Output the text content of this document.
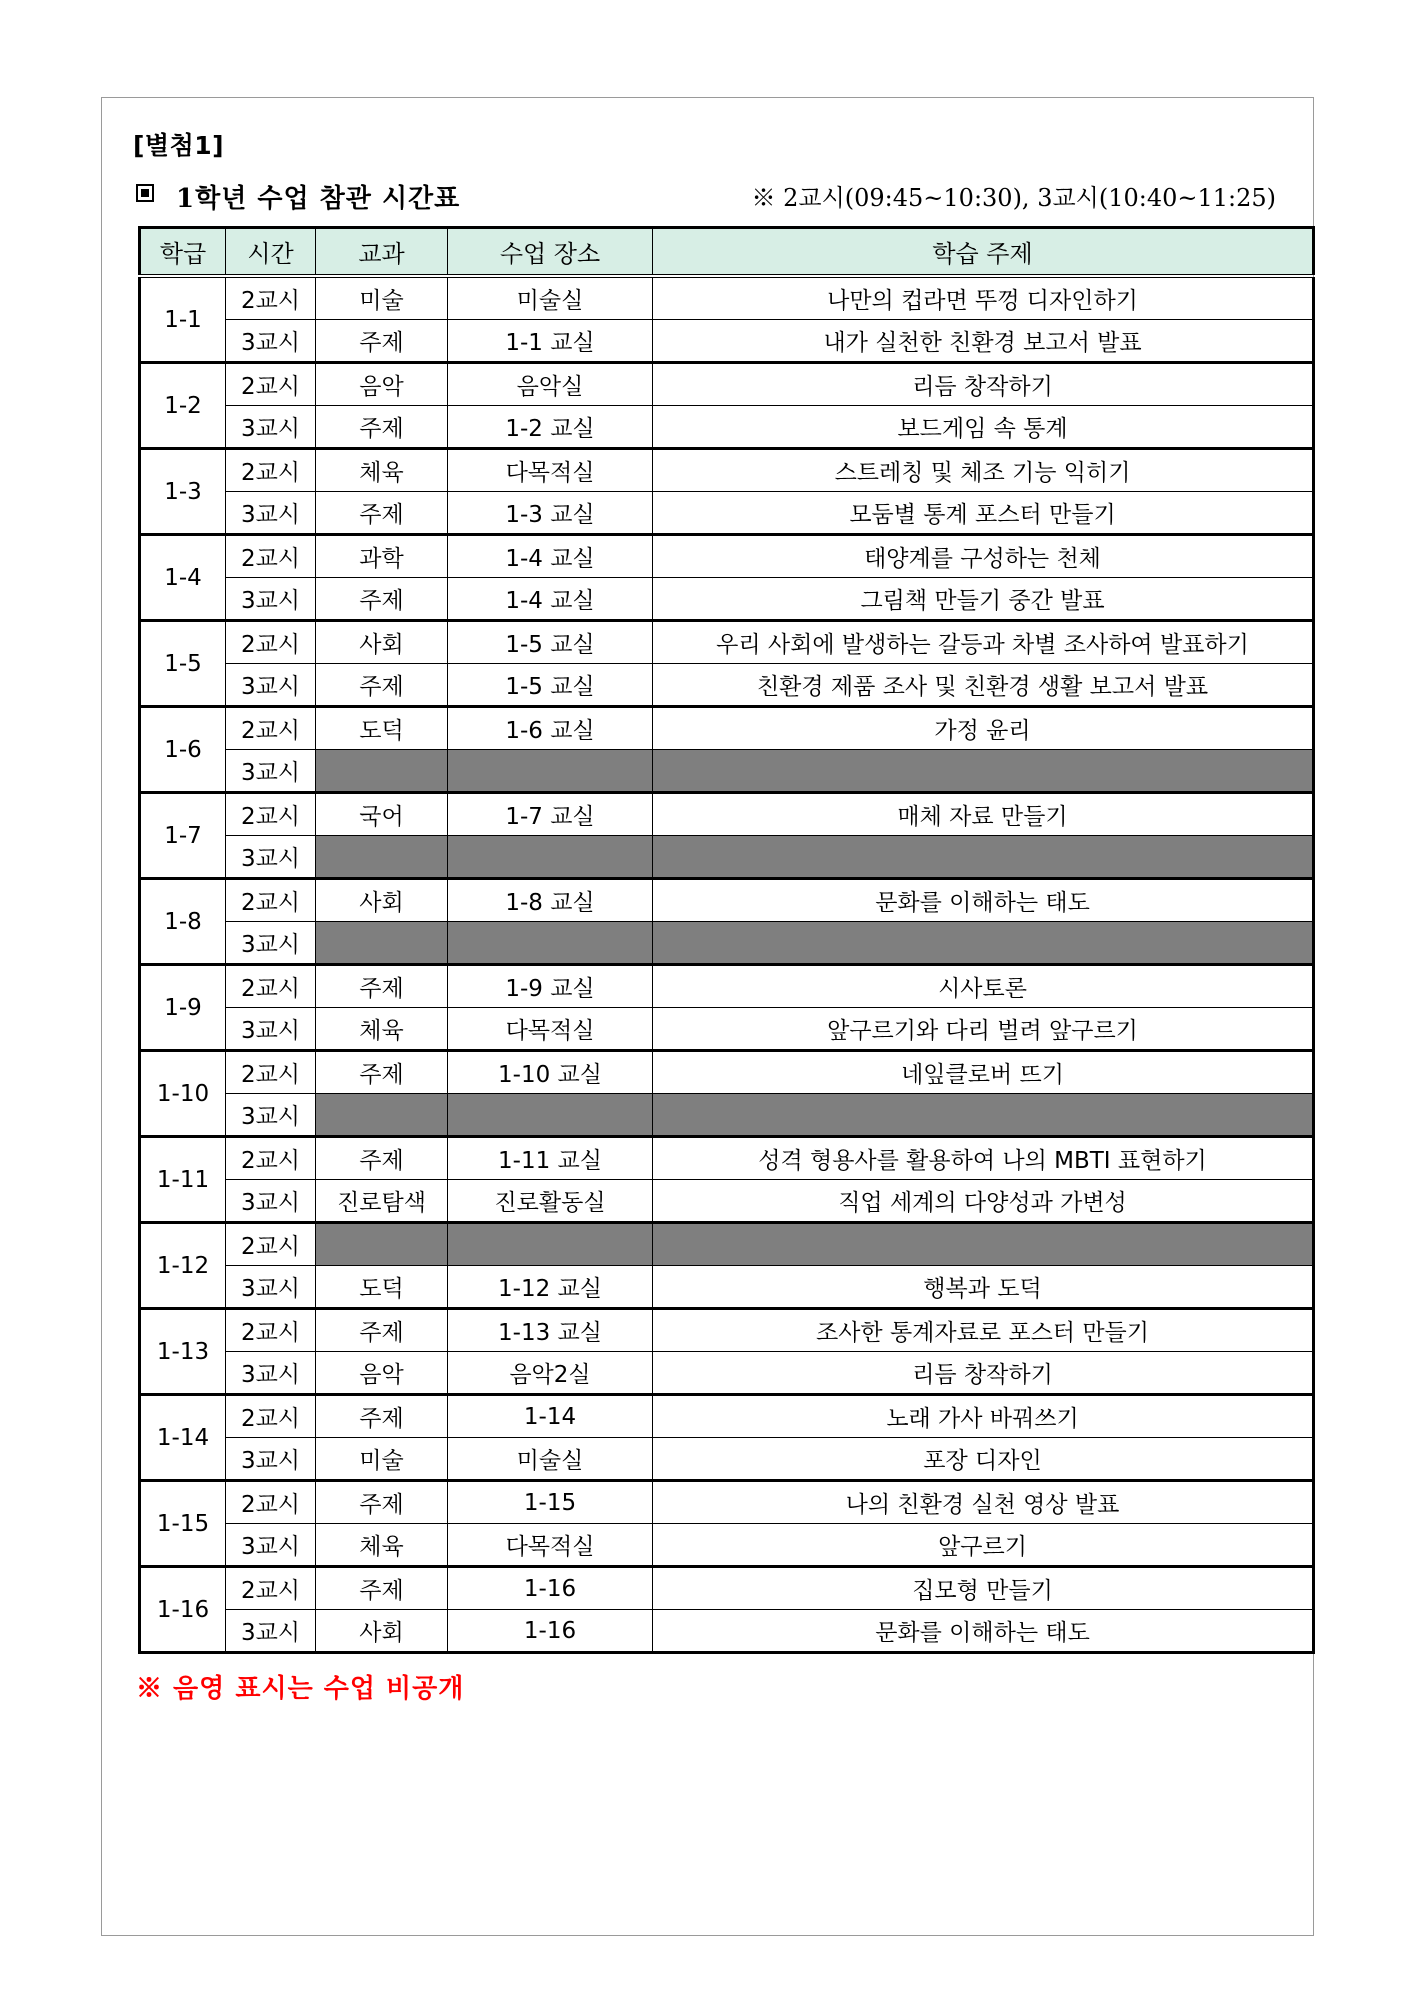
[별첨1]
1학년 수업 참관 시간표	※ 2교시(09:45~10:30), 3교시(10:40~11:25)
학급	시간	교과	수업 장소	학습 주제
1-1	2교시	미술	미술실	나만의 컵라면 뚜껑 디자인하기
	3교시	주제	1-1 교실	내가 실천한 친환경 보고서 발표
1-2	2교시	음악	음악실	리듬 창작하기
	3교시	주제	1-2 교실	보드게임 속 통계
1-3	2교시	체육	다목적실	스트레칭 및 체조 기능 익히기
	3교시	주제	1-3 교실	모둠별 통계 포스터 만들기
1-4	2교시	과학	1-4 교실	태양계를 구성하는 천체
	3교시	주제	1-4 교실	그림책 만들기 중간 발표
1-5	2교시	사회	1-5 교실	우리 사회에 발생하는 갈등과 차별 조사하여 발표하기
	3교시	주제	1-5 교실	친환경 제품 조사 및 친환경 생활 보고서 발표
1-6	2교시	도덕	1-6 교실	가정 윤리
	3교시			
1-7	2교시	국어	1-7 교실	매체 자료 만들기
	3교시			
1-8	2교시	사회	1-8 교실	문화를 이해하는 태도
	3교시			
1-9	2교시	주제	1-9 교실	시사토론
	3교시	체육	다목적실	앞구르기와 다리 벌려 앞구르기
1-10	2교시	주제	1-10 교실	네잎클로버 뜨기
	3교시			
1-11	2교시	주제	1-11 교실	성격 형용사를 활용하여 나의 MBTI 표현하기
	3교시	진로탐색	진로활동실	직업 세계의 다양성과 가변성
1-12	2교시			
	3교시	도덕	1-12 교실	행복과 도덕
1-13	2교시	주제	1-13 교실	조사한 통계자료로 포스터 만들기
	3교시	음악	음악2실	리듬 창작하기
1-14	2교시	주제	1-14	노래 가사 바꿔쓰기
	3교시	미술	미술실	포장 디자인
1-15	2교시	주제	1-15	나의 친환경 실천 영상 발표
	3교시	체육	다목적실	앞구르기
1-16	2교시	주제	1-16	집모형 만들기
	3교시	사회	1-16	문화를 이해하는 태도
※ 음영 표시는 수업 비공개
